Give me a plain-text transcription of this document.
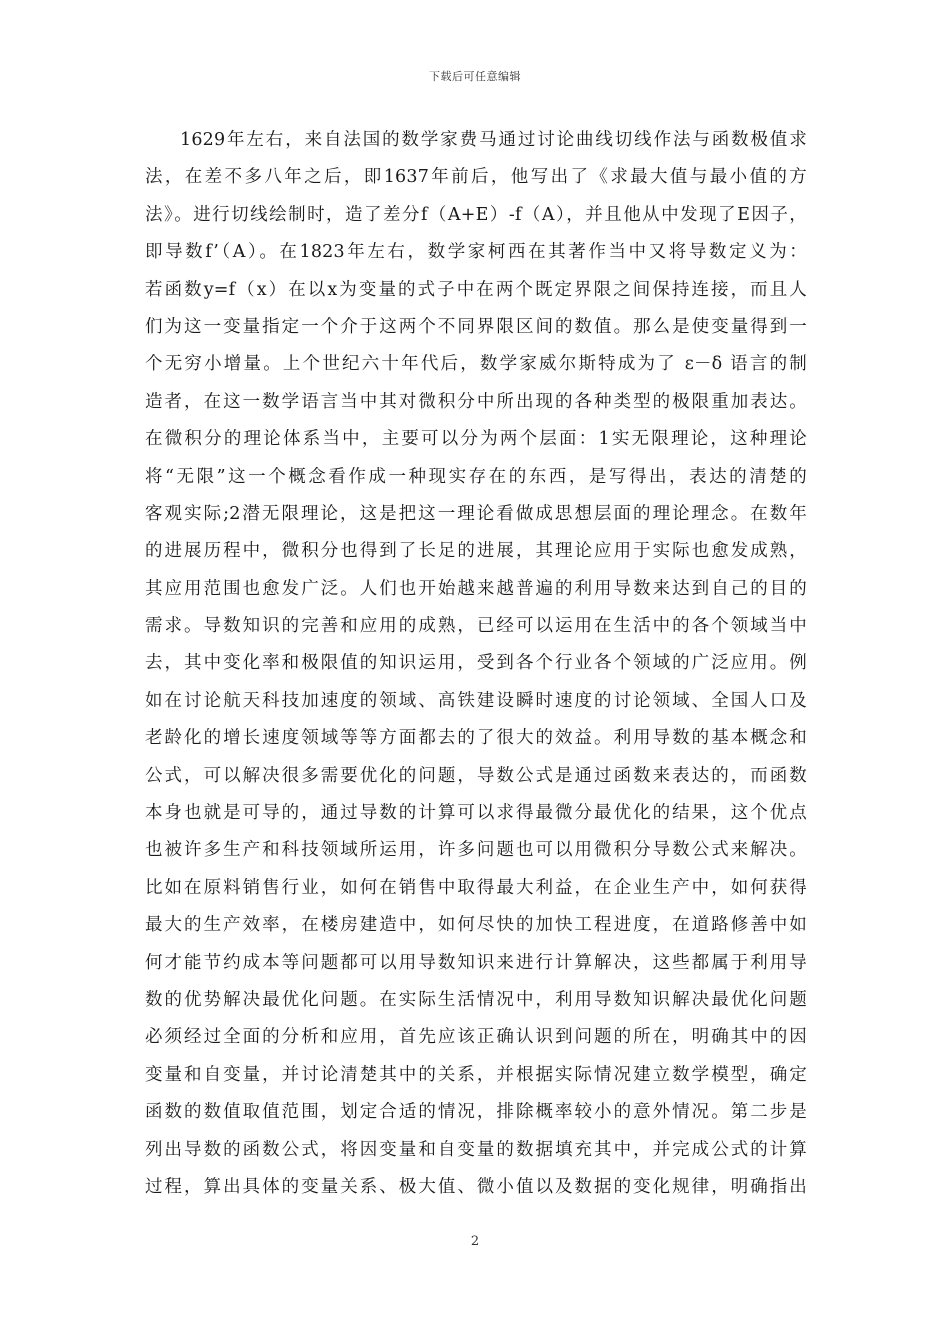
下载后可任意编辑
1629年左右，来自法国的数学家费马通过讨论曲线切线作法与函数极值求
法，在差不多八年之后，即1637年前后，他写出了《求最大值与最小值的方
法》。进行切线绘制时，造了差分f（A+E）-f（A），并且他从中发现了E因子，
即导数f’（A）。在1823年左右，数学家柯西在其著作当中又将导数定义为：
若函数y=f（x）在以x为变量的式子中在两个既定界限之间保持连接，而且人
们为这一变量指定一个介于这两个不同界限区间的数值。那么是使变量得到一
个无穷小增量。上个世纪六十年代后，数学家威尔斯特成为了 ε－δ 语言的制
造者，在这一数学语言当中其对微积分中所出现的各种类型的极限重加表达。
在微积分的理论体系当中，主要可以分为两个层面：1实无限理论，这种理论
将“无限”这一个概念看作成一种现实存在的东西，是写得出，表达的清楚的
客观实际;2潜无限理论，这是把这一理论看做成思想层面的理论理念。在数年
的进展历程中，微积分也得到了长足的进展，其理论应用于实际也愈发成熟，
其应用范围也愈发广泛。人们也开始越来越普遍的利用导数来达到自己的目的
需求。导数知识的完善和应用的成熟，已经可以运用在生活中的各个领域当中
去，其中变化率和极限值的知识运用，受到各个行业各个领域的广泛应用。例
如在讨论航天科技加速度的领域、高铁建设瞬时速度的讨论领域、全国人口及
老龄化的增长速度领域等等方面都去的了很大的效益。利用导数的基本概念和
公式，可以解决很多需要优化的问题，导数公式是通过函数来表达的，而函数
本身也就是可导的，通过导数的计算可以求得最微分最优化的结果，这个优点
也被许多生产和科技领域所运用，许多问题也可以用微积分导数公式来解决。
比如在原料销售行业，如何在销售中取得最大利益，在企业生产中，如何获得
最大的生产效率，在楼房建造中，如何尽快的加快工程进度，在道路修善中如
何才能节约成本等问题都可以用导数知识来进行计算解决，这些都属于利用导
数的优势解决最优化问题。在实际生活情况中，利用导数知识解决最优化问题
必须经过全面的分析和应用，首先应该正确认识到问题的所在，明确其中的因
变量和自变量，并讨论清楚其中的关系，并根据实际情况建立数学模型，确定
函数的数值取值范围，划定合适的情况，排除概率较小的意外情况。第二步是
列出导数的函数公式，将因变量和自变量的数据填充其中，并完成公式的计算
过程，算出具体的变量关系、极大值、微小值以及数据的变化规律，明确指出
2
